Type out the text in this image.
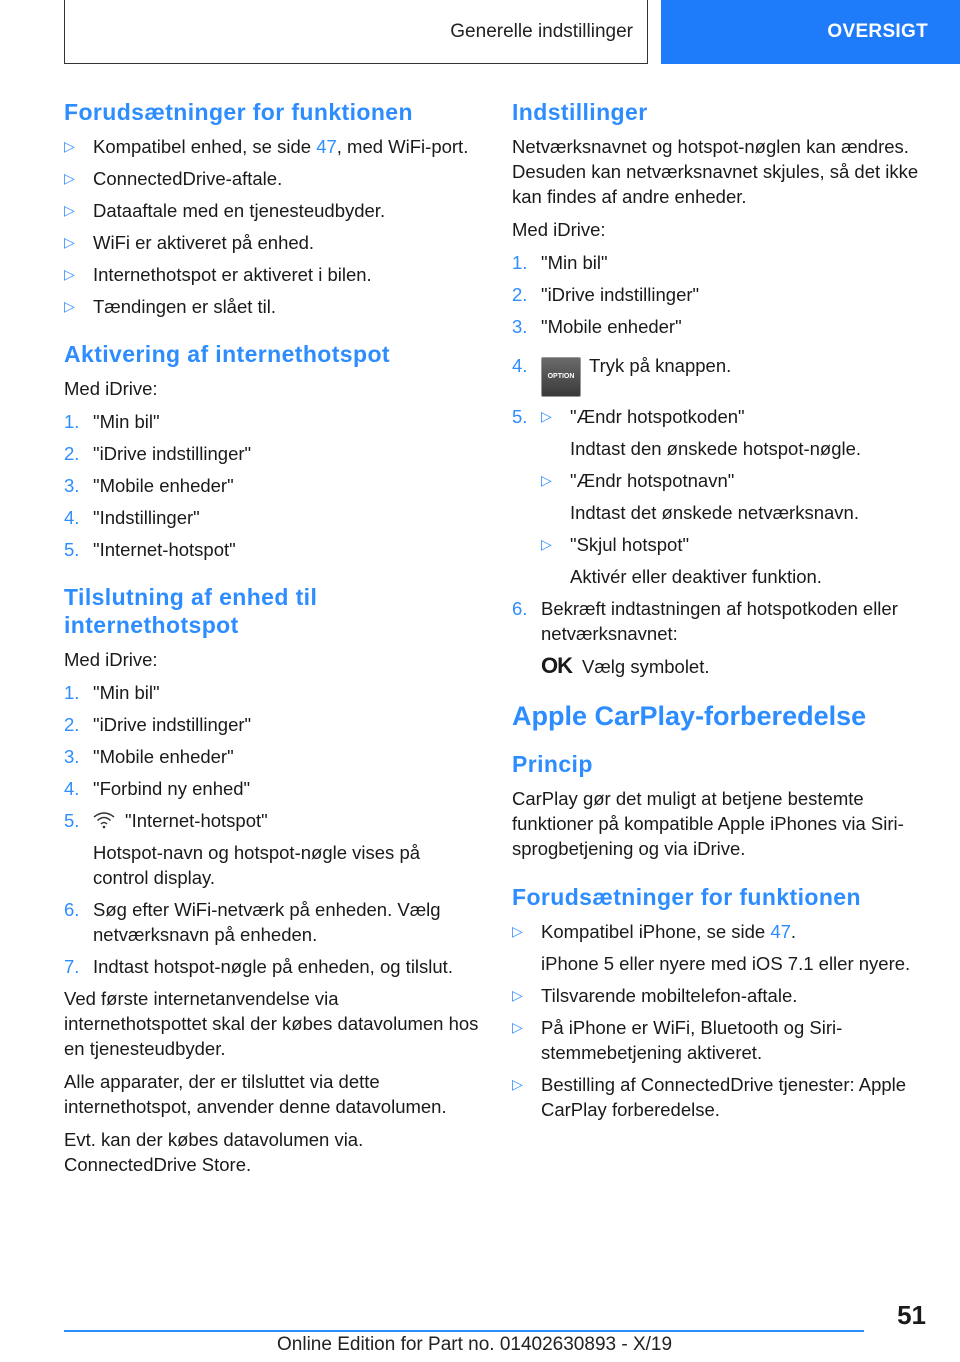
Generelle indstillinger	OVERSIGT
Forudsætninger for funktionen
▷ Kompatibel enhed, se side 47, med WiFi-port.
▷ ConnectedDrive-aftale.
▷ Dataaftale med en tjenesteudbyder.
▷ WiFi er aktiveret på enhed.
▷ Internethotspot er aktiveret i bilen.
▷ Tændingen er slået til.
Aktivering af internethotspot

Med iDrive:

1. "Min bil"
2. "iDrive indstillinger"
3. "Mobile enheder"
4. "Indstillinger"
5. "Internet-hotspot"
Tilslutning af enhed til internethotspot

Med iDrive:

1. "Min bil"
2. "iDrive indstillinger"
3. "Mobile enheder"
4. "Forbind ny enhed"
5. "Internet-hotspot"
Hotspot-navn og hotspot-nøgle vises på control display.
6. Søg efter WiFi-netværk på enheden. Vælg netværksnavn på enheden.
7. Indtast hotspot-nøgle på enheden, og tilslut.

Ved første internetanvendelse via internethotspottet skal der købes datavolumen hos en tjenesteudbyder.

Alle apparater, der er tilsluttet via dette internethotspot, anvender denne datavolumen.

Evt. kan der købes datavolumen via. ConnectedDrive Store.

Indstillinger

Netværksnavnet og hotspot-nøglen kan ændres. Desuden kan netværksnavnet skjules, så det ikke kan findes af andre enheder.

Med iDrive:

1. "Min bil"
2. "iDrive indstillinger"
3. "Mobile enheder"
4.
OPTIONTryk på knappen.
5. ▷ "Ændr hotspotkoden"
Indtast den ønskede hotspot-nøgle.
▷ "Ændr hotspotnavn"
Indtast det ønskede netværksnavn.
▷ "Skjul hotspot"
Aktivér eller deaktiver funktion.
6. Bekræft indtastningen af hotspotkoden eller netværksnavnet:
OK Vælg symbolet.
Apple CarPlay-forberedelse
Princip

CarPlay gør det muligt at betjene bestemte funktioner på kompatible Apple iPhones via Siri-sprogbetjening og via iDrive.

Forudsætninger for funktionen
▷ Kompatibel iPhone, se side 47.
iPhone 5 eller nyere med iOS 7.1 eller nyere.
▷ Tilsvarende mobiltelefon-aftale.
▷ På iPhone er WiFi, Bluetooth og Siri-stemmebetjening aktiveret.
▷ Bestilling af ConnectedDrive tjenester: Apple CarPlay forberedelse.
51
Online Edition for Part no. 01402630893 - X/19
